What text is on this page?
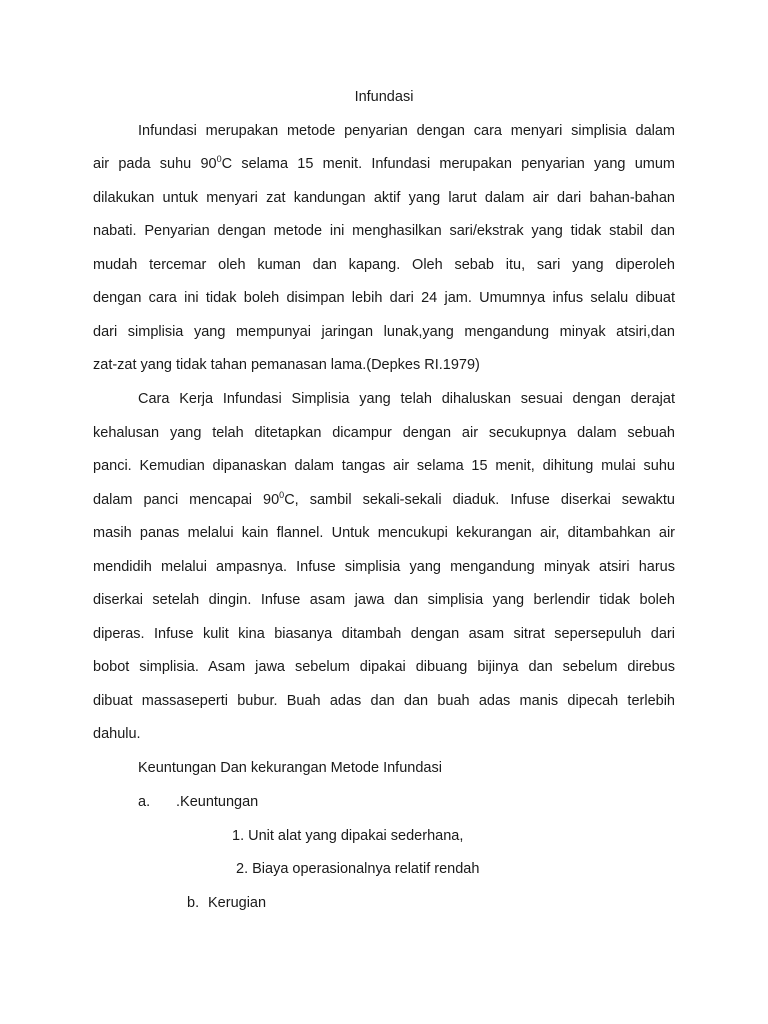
Infundasi
Infundasi merupakan metode penyarian dengan cara menyari simplisia dalam
air pada suhu $90^0C$ selama 15 menit. Infundasi merupakan penyarian yang umum
dilakukan untuk menyari zat kandungan aktif yang larut dalam air dari bahan-bahan
nabati. Penyarian dengan metode ini menghasilkan sari/ekstrak yang tidak stabil dan
mudah tercemar oleh kuman dan kapang. Oleh sebab itu, sari yang diperoleh
dengan cara ini tidak boleh disimpan lebih dari 24 jam. Umumnya infus selalu dibuat
dari simplisia yang mempunyai jaringan lunak,yang mengandung minyak atsiri,dan
zat-zat yang tidak tahan pemanasan lama.(Depkes RI.1979)
Cara Kerja Infundasi Simplisia yang telah dihaluskan sesuai dengan derajat
kehalusan yang telah ditetapkan dicampur dengan air secukupnya dalam sebuah
panci. Kemudian dipanaskan dalam tangas air selama 15 menit, dihitung mulai suhu
dalam panci mencapai $90^0C$, sambil sekali-sekali diaduk. Infuse diserkai sewaktu
masih panas melalui kain flannel. Untuk mencukupi kekurangan air, ditambahkan air
mendidih melalui ampasnya. Infuse simplisia yang mengandung minyak atsiri harus
diserkai setelah dingin. Infuse asam jawa dan simplisia yang berlendir tidak boleh
diperas. Infuse kulit kina biasanya ditambah dengan asam sitrat sepersepuluh dari
bobot simplisia. Asam jawa sebelum dipakai dibuang bijinya dan sebelum direbus
dibuat massaseperti bubur. Buah adas dan dan buah adas manis dipecah terlebih
dahulu.
Keuntungan Dan kekurangan Metode Infundasi
a. .Keuntungan
1. Unit alat yang dipakai sederhana,
2. Biaya operasionalnya relatif rendah
b. Kerugian
